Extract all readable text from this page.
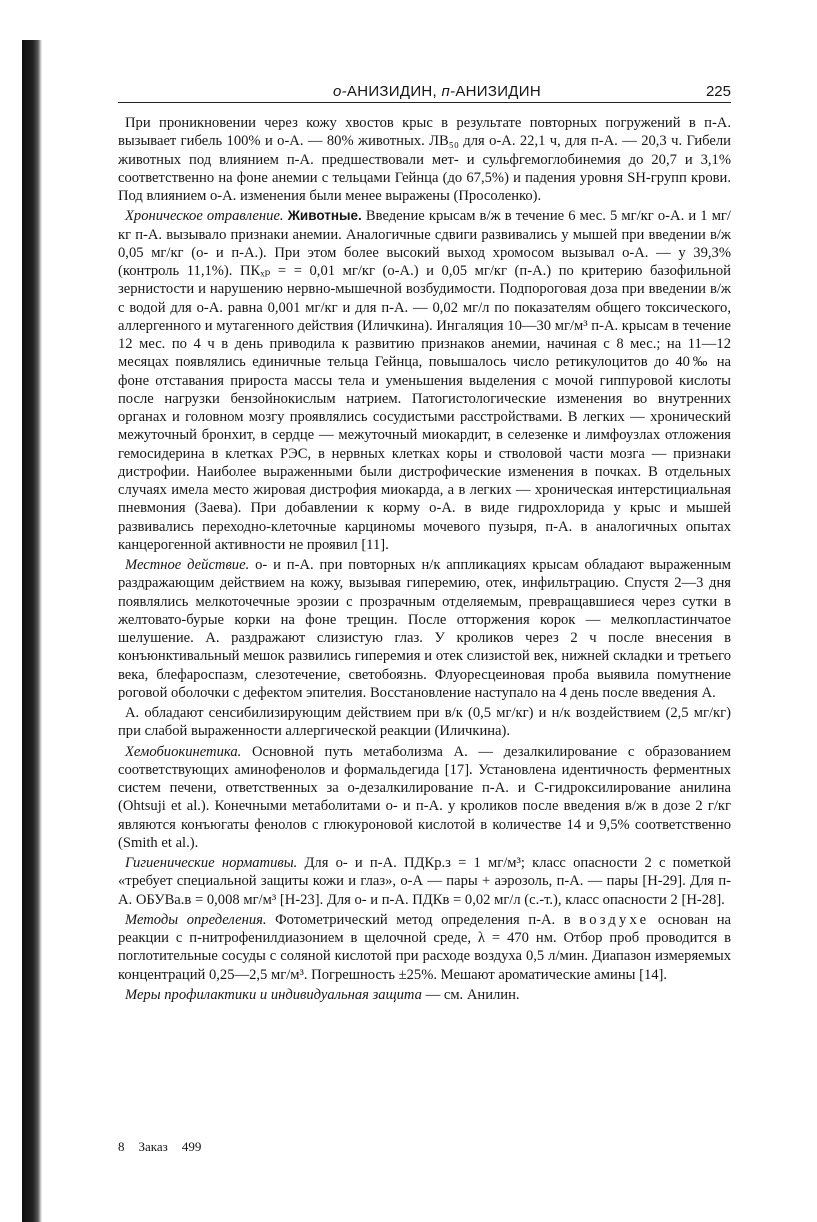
о-АНИЗИДИН, п-АНИЗИДИН	225

При проникновении через кожу хвостов крыс в результате повторных погружений в п-А. вызывает гибель 100% и о-А. — 80% животных. ЛВ₅₀ для о-А. 22,1 ч, для п-А. — 20,3 ч. Гибели животных под влиянием п-А. предшествовали мет- и сульфгемоглобинемия до 20,7 и 3,1% соответственно на фоне анемии с тельцами Гейнца (до 67,5%) и падения уровня SH-групп крови. Под влиянием о-А. изменения были менее выражены (Просоленко).

Хроническое отравление. Животные. Введение крысам в/ж в течение 6 мес. 5 мг/кг о-А. и 1 мг/кг п-А. вызывало признаки анемии. Аналогичные сдвиги развивались у мышей при введении в/ж 0,05 мг/кг (о- и п-А.). При этом более высокий выход хромосом вызывал о-А. — у 39,3% (контроль 11,1%). ПКₓₚ = = 0,01 мг/кг (о-А.) и 0,05 мг/кг (п-А.) по критерию базофильной зернистости и нарушению нервно-мышечной возбудимости. Подпороговая доза при введении в/ж с водой для о-А. равна 0,001 мг/кг и для п-А. — 0,02 мг/л по показателям общего токсического, аллергенного и мутагенного действия (Иличкина). Ингаляция 10—30 мг/м³ п-А. крысам в течение 12 мес. по 4 ч в день приводила к развитию признаков анемии, начиная с 8 мес.; на 11—12 месяцах появлялись единичные тельца Гейнца, повышалось число ретикулоцитов до 40‰ на фоне отставания прироста массы тела и уменьшения выделения с мочой гиппуровой кислоты после нагрузки бензойнокислым натрием. Патогистологические изменения во внутренних органах и головном мозгу проявлялись сосудистыми расстройствами. В легких — хронический межуточный бронхит, в сердце — межуточный миокардит, в селезенке и лимфоузлах отложения гемосидерина в клетках РЭС, в нервных клетках коры и стволовой части мозга — признаки дистрофии. Наиболее выраженными были дистрофические изменения в почках. В отдельных случаях имела место жировая дистрофия миокарда, а в легких — хроническая интерстициальная пневмония (Заева). При добавлении к корму о-А. в виде гидрохлорида у крыс и мышей развивались переходно-клеточные карциномы мочевого пузыря, п-А. в аналогичных опытах канцерогенной активности не проявил [11].

Местное действие. о- и п-А. при повторных н/к аппликациях крысам обладают выраженным раздражающим действием на кожу, вызывая гиперемию, отек, инфильтрацию. Спустя 2—3 дня появлялись мелкоточечные эрозии с прозрачным отделяемым, превращавшиеся через сутки в желтовато-бурые корки на фоне трещин. После отторжения корок — мелкопластинчатое шелушение. А. раздражают слизистую глаз. У кроликов через 2 ч после внесения в конъюнктивальный мешок развились гиперемия и отек слизистой век, нижней складки и третьего века, блефароспазм, слезотечение, светобоязнь. Флуоресцеиновая проба выявила помутнение роговой оболочки с дефектом эпителия. Восстановление наступало на 4 день после введения А.

А. обладают сенсибилизирующим действием при в/к (0,5 мг/кг) и н/к воздействием (2,5 мг/кг) при слабой выраженности аллергической реакции (Иличкина).

Хемобиокинетика. Основной путь метаболизма А. — дезалкилирование с образованием соответствующих аминофенолов и формальдегида [17]. Установлена идентичность ферментных систем печени, ответственных за о-дезалкилирование п-А. и С-гидроксилирование анилина (Ohtsuji et al.). Конечными метаболитами о- и п-А. у кроликов после введения в/ж в дозе 2 г/кг являются конъюгаты фенолов с глюкуроновой кислотой в количестве 14 и 9,5% соответственно (Smith et al.).

Гигиенические нормативы. Для о- и п-А. ПДКр.з = 1 мг/м³; класс опасности 2 с пометкой «требует специальной защиты кожи и глаз», о-А — пары + аэрозоль, п-А. — пары [Н-29]. Для п-А. ОБУВа.в = 0,008 мг/м³ [Н-23]. Для о- и п-А. ПДКв = 0,02 мг/л (с.-т.), класс опасности 2 [Н-28].

Методы определения. Фотометрический метод определения п-А. в воздухе основан на реакции с п-нитрофенилдиазонием в щелочной среде, λ = 470 нм. Отбор проб проводится в поглотительные сосуды с соляной кислотой при расходе воздуха 0,5 л/мин. Диапазон измеряемых концентраций 0,25—2,5 мг/м³. Погрешность ±25%. Мешают ароматические амины [14].

Меры профилактики и индивидуальная защита — см. Анилин.

8 Заказ 499
